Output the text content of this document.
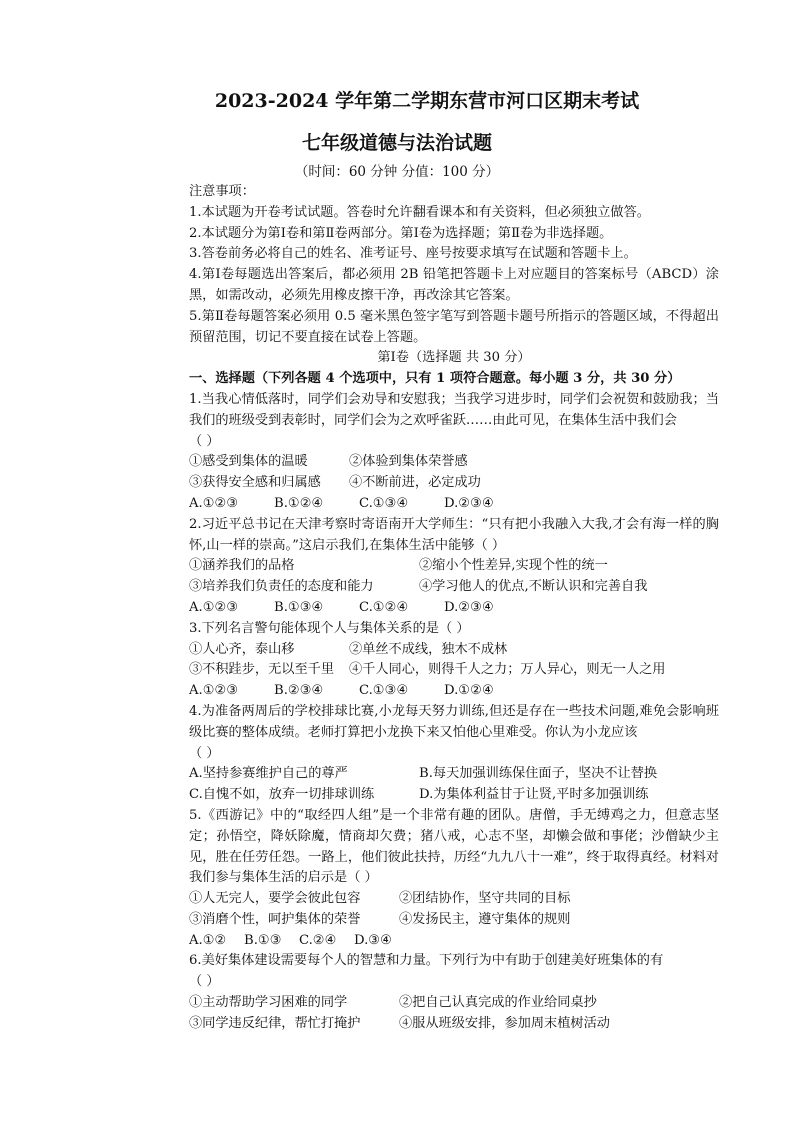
2023-2024 学年第二学期东营市河口区期末考试
七年级道德与法治试题
（时间：60 分钟 分值：100 分）
注意事项：
1.本试题为开卷考试试题。答卷时允许翻看课本和有关资料，但必须独立做答。
2.本试题分为第Ⅰ卷和第Ⅱ卷两部分。第Ⅰ卷为选择题；第Ⅱ卷为非选择题。
3.答卷前务必将自己的姓名、准考证号、座号按要求填写在试题和答题卡上。
4.第Ⅰ卷每题选出答案后，都必须用 2B 铅笔把答题卡上对应题目的答案标号（ABCD）涂黑，如需改动，必须先用橡皮擦干净，再改涂其它答案。
5.第Ⅱ卷每题答案必须用 0.5 毫米黑色签字笔写到答题卡题号所指示的答题区域，不得超出预留范围，切记不要直接在试卷上答题。
第Ⅰ卷（选择题 共 30 分）
一、选择题（下列各题 4 个选项中，只有 1 项符合题意。每小题 3 分，共 30 分）
1.当我心情低落时，同学们会劝导和安慰我；当我学习进步时，同学们会祝贺和鼓励我；当我们的班级受到表彰时，同学们会为之欢呼雀跃……由此可见，在集体生活中我们会
（ ）
①感受到集体的温暖	②体验到集体荣誉感
③获得安全感和归属感	④不断前进，必定成功
A.①②③	B.①②④	C.①③④	D.②③④
2.习近平总书记在天津考察时寄语南开大学师生：“只有把小我融入大我,才会有海一样的胸怀,山一样的崇高。”这启示我们,在集体生活中能够（ ）
①涵养我们的品格	②缩小个性差异,实现个性的统一
③培养我们负责任的态度和能力	④学习他人的优点,不断认识和完善自我
A.①②③	B.①③④	C.①②④	D.②③④
3.下列名言警句能体现个人与集体关系的是（ ）
①人心齐，泰山移	②单丝不成线，独木不成林
③不积跬步，无以至千里	④千人同心，则得千人之力；万人异心，则无一人之用
A.①②③	B.②③④	C.①③④	D.①②④
4.为准备两周后的学校排球比赛,小龙每天努力训练,但还是存在一些技术问题,难免会影响班级比赛的整体成绩。老师打算把小龙换下来又怕他心里难受。你认为小龙应该
（ ）
A.坚持参赛维护自己的尊严	B.每天加强训练保住面子，坚决不让替换
C.自愧不如，放弃一切排球训练	D.为集体利益甘于让贤,平时多加强训练
5.《西游记》中的“取经四人组”是一个非常有趣的团队。唐僧，手无缚鸡之力，但意志坚定；孙悟空，降妖除魔，情商却欠费；猪八戒，心志不坚，却懒会做和事佬；沙僧缺少主见，胜在任劳任怨。一路上，他们彼此扶持，历经“九九八十一难”，终于取得真经。材料对我们参与集体生活的启示是（ ）
①人无完人，要学会彼此包容	②团结协作，坚守共同的目标
③消磨个性，呵护集体的荣誉	④发扬民主，遵守集体的规则
A.①②	B.①③	C.②④	D.③④
6.美好集体建设需要每个人的智慧和力量。下列行为中有助于创建美好班集体的有
（ ）
①主动帮助学习困难的同学	②把自己认真完成的作业给同桌抄
③同学违反纪律，帮忙打掩护	④服从班级安排，参加周末植树活动
